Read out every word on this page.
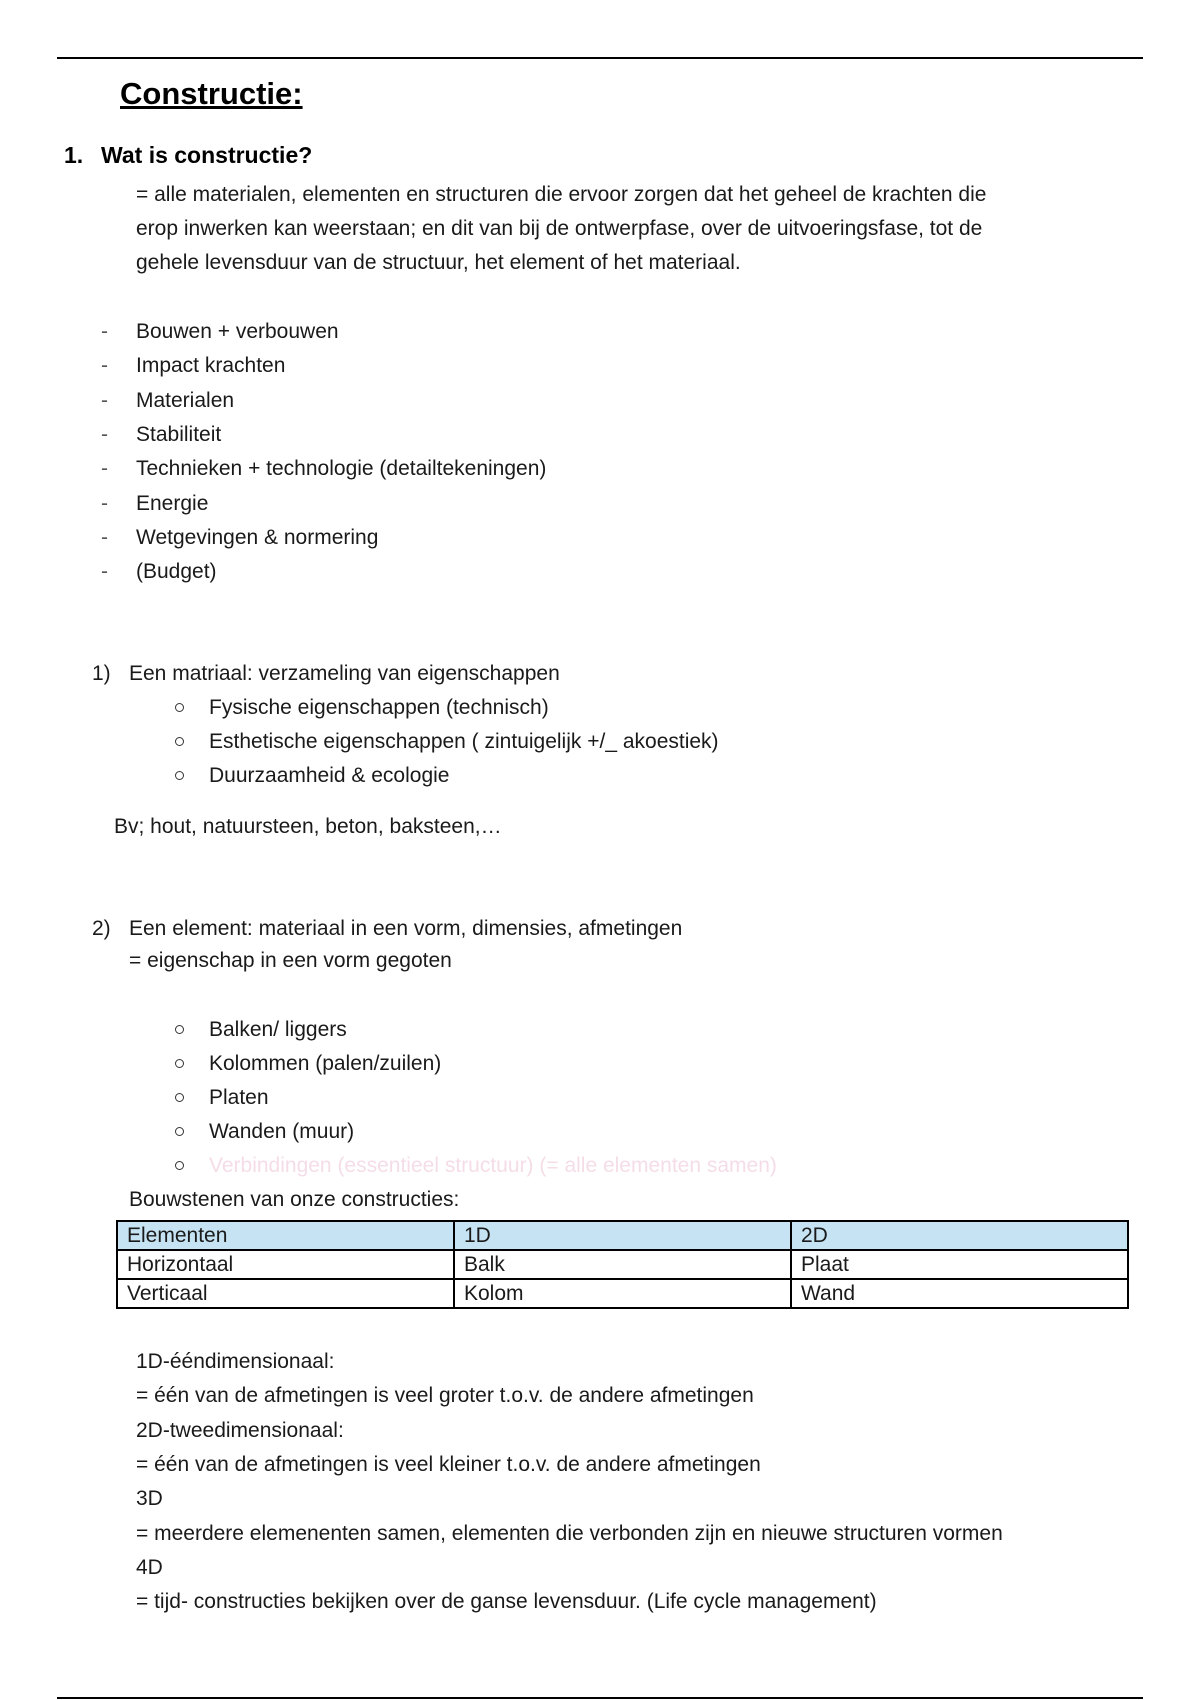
Constructie:
1. Wat is constructie?
= alle materialen, elementen en structuren die ervoor zorgen dat het geheel de krachten die
erop inwerken kan weerstaan; en dit van bij de ontwerpfase, over de uitvoeringsfase, tot de
gehele levensduur van de structuur, het element of het materiaal.
- Bouwen + verbouwen
- Impact krachten
- Materialen
- Stabiliteit
- Technieken + technologie (detailtekeningen)
- Energie
- Wetgevingen & normering
- (Budget)
1) Een matriaal: verzameling van eigenschappen
Fysische eigenschappen (technisch)
Esthetische eigenschappen ( zintuigelijk +/_ akoestiek)
Duurzaamheid & ecologie
Bv; hout, natuursteen, beton, baksteen,…
2) Een element: materiaal in een vorm, dimensies, afmetingen
= eigenschap in een vorm gegoten
Balken/ liggers
Kolommen (palen/zuilen)
Platen
Wanden (muur)
Verbindingen (essentieel structuur) (= alle elementen samen)
Bouwstenen van onze constructies:
Elementen	1D	2D
Horizontaal	Balk	Plaat
Verticaal	Kolom	Wand
1D-ééndimensionaal:
= één van de afmetingen is veel groter t.o.v. de andere afmetingen
2D-tweedimensionaal:
= één van de afmetingen is veel kleiner t.o.v. de andere afmetingen
3D
= meerdere elemenenten samen, elementen die verbonden zijn en nieuwe structuren vormen
4D
= tijd- constructies bekijken over de ganse levensduur. (Life cycle management)
